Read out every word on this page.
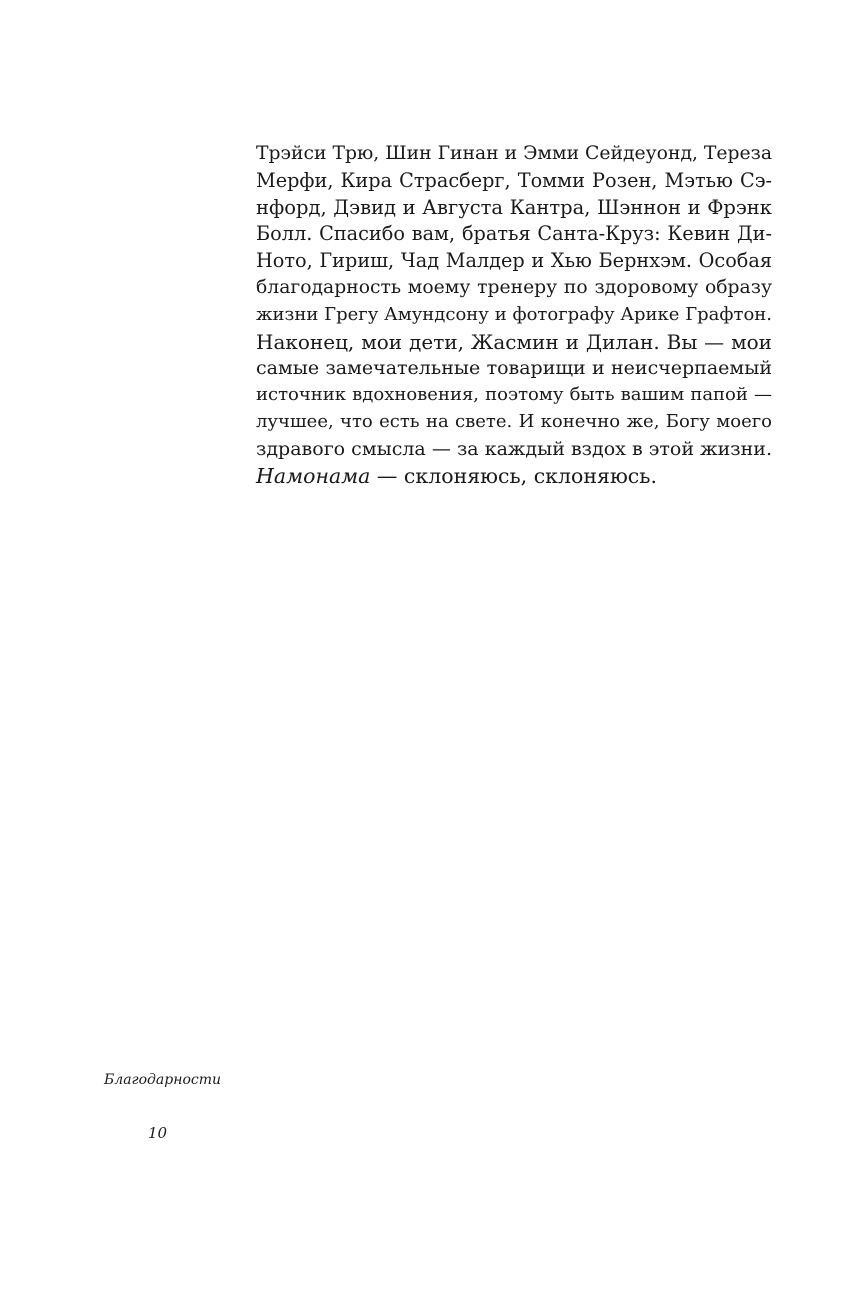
Трэйси Трю, Шин Гинан и Эмми Сейдеуонд, Тереза
Мерфи, Кира Страсберг, Томми Розен, Мэтью Сэ-
нфорд, Дэвид и Августа Кантра, Шэннон и Фрэнк
Болл. Спасибо вам, братья Санта-Круз: Кевин Ди-
Ното, Гириш, Чад Малдер и Хью Бернхэм. Особая
благодарность моему тренеру по здоровому образу
жизни Грегу Амундсону и фотографу Арике Графтон.
Наконец, мои дети, Жасмин и Дилан. Вы — мои
самые замечательные товарищи и неисчерпаемый
источник вдохновения, поэтому быть вашим папой —
лучшее, что есть на свете. И конечно же, Богу моего
здравого смысла — за каждый вздох в этой жизни.
Намонама — склоняюсь, склоняюсь.
Благодарности
10
